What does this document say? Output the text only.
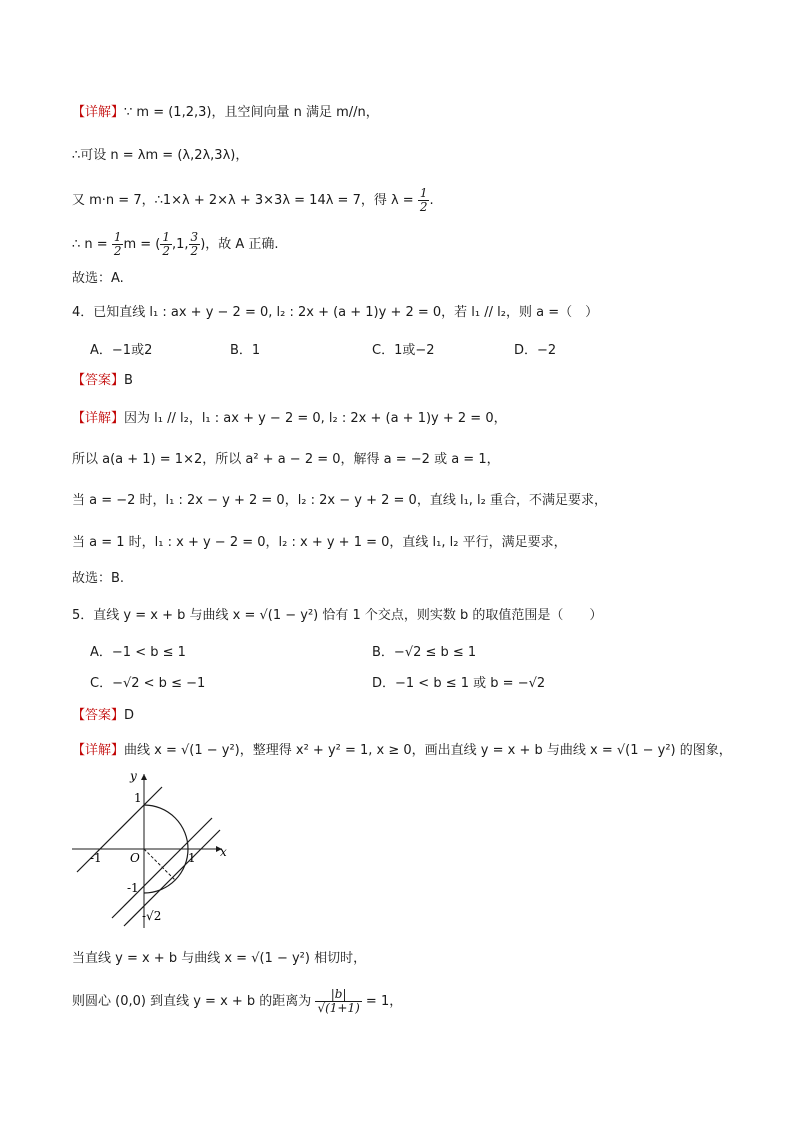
【详解】∵ m = (1,2,3)，且空间向量 n 满足 m//n，
∴可设 n = λm = (λ,2λ,3λ)，
又 m·n = 7，∴1×λ + 2×λ + 3×3λ = 14λ = 7，得 $\lambda = \frac{1}{2}$ .
∴ $n = \frac{1}{2}$ m = ( $\frac{1}{2} ,1$, $\frac{3}{2}$ )，故 A 正确.
故选：A.
4．已知直线 l₁ : ax + y − 2 = 0, l₂ : 2x + (a + 1)y + 2 = 0，若 l₁ // l₂，则 a =（　）
A．−1或2	B．1	C．1或−2	D．−2
【答案】B
【详解】因为 l₁ // l₂，l₁ : ax + y − 2 = 0, l₂ : 2x + (a + 1)y + 2 = 0，
所以 a(a + 1) = 1×2，所以 a² + a − 2 = 0，解得 a = −2 或 a = 1，
当 a = −2 时，l₁ : 2x − y + 2 = 0，l₂ : 2x − y + 2 = 0，直线 l₁, l₂ 重合，不满足要求，
当 a = 1 时，l₁ : x + y − 2 = 0，l₂ : x + y + 1 = 0，直线 l₁, l₂ 平行，满足要求，
故选：B.
5．直线 y = x + b 与曲线 x = √(1 − y²) 恰有 1 个交点，则实数 b 的取值范围是（　　）
A．−1 < b ≤ 1	B．−√2 ≤ b ≤ 1
C．−√2 < b ≤ −1	D．−1 < b ≤ 1 或 b = −√2
【答案】D
【详解】曲线 x = √(1 − y²)，整理得 x² + y² = 1, x ≥ 0，画出直线 y = x + b 与曲线 x = √(1 − y²) 的图象，
x
y
O
1
-1	1
-1
-√2
当直线 y = x + b 与曲线 x = √(1 − y²) 相切时，
则圆心 (0,0) 到直线 y = x + b 的距离为 $\frac{|b|}{√(1+1)} = 1$，
